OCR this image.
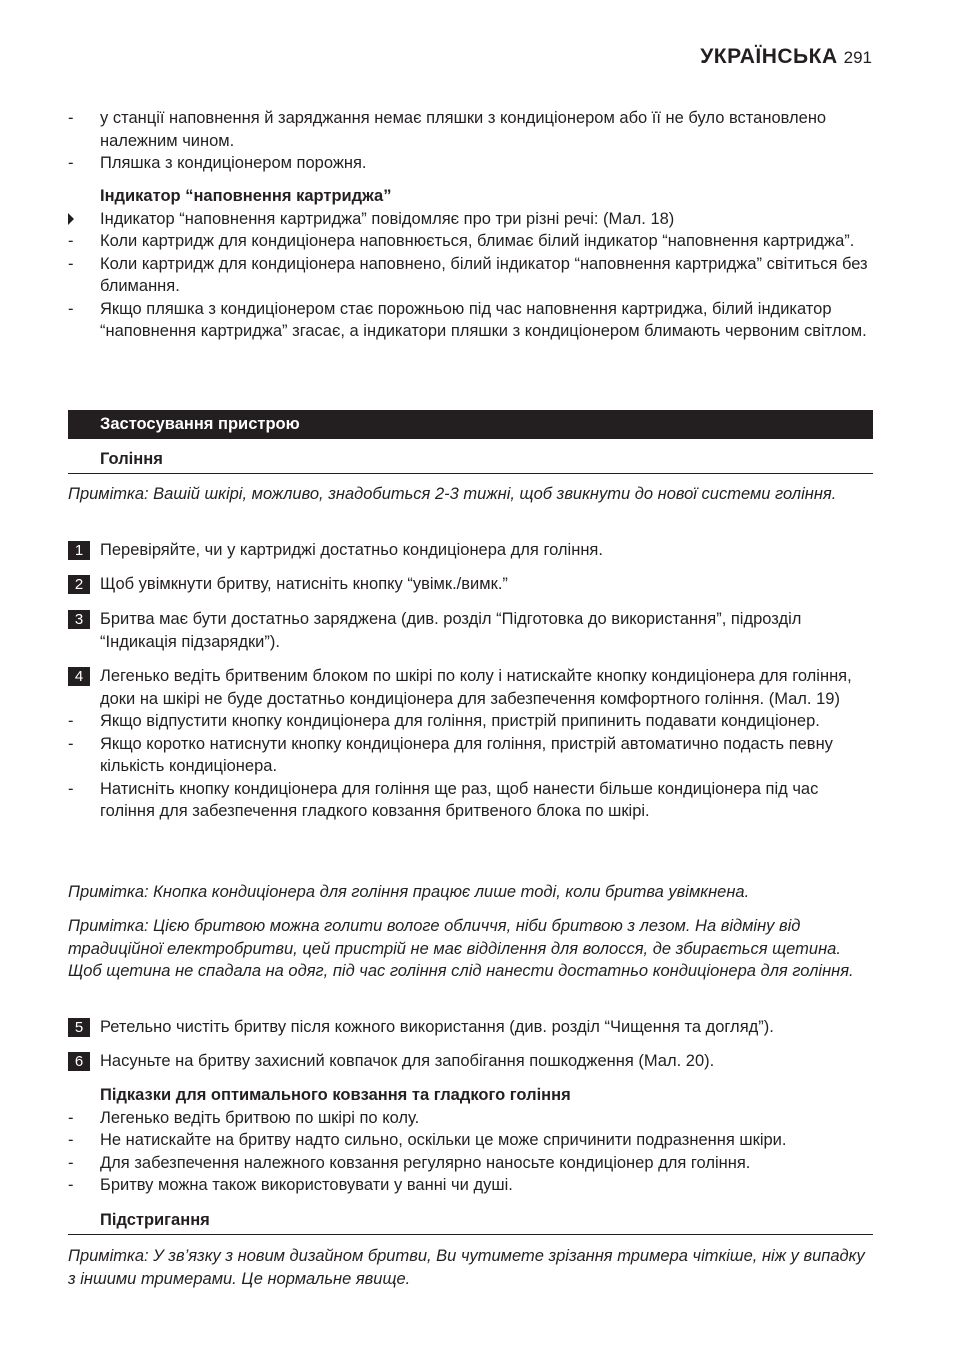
УКРАЇНСЬКА 291
-	у станції наповнення й заряджання немає пляшки з кондиціонером або її не було встановлено належним чином.
-	Пляшка з кондиціонером порожня.
Індикатор “наповнення картриджа”
Індикатор “наповнення картриджа” повідомляє про три різні речі: (Мал. 18)
-	Коли картридж для кондиціонера наповнюється, блимає білий індикатор “наповнення картриджа”.
-	Коли картридж для кондиціонера наповнено, білий індикатор “наповнення картриджа” світиться без блимання.
-	Якщо пляшка з кондиціонером стає порожньою під час наповнення картриджа, білий індикатор “наповнення картриджа” згасає, а індикатори пляшки з кондиціонером блимають червоним світлом.
Застосування пристрою
Гоління
Примітка: Вашій шкірі, можливо, знадобиться 2-3 тижні, щоб звикнути до нової системи гоління.
1	Перевіряйте, чи у картриджі достатньо кондиціонера для гоління.
2	Щоб увімкнути бритву, натисніть кнопку “увімк./вимк.”
3	Бритва має бути достатньо заряджена (див. розділ “Підготовка до використання”, підрозділ “Індикація підзарядки”).
4	Легенько ведіть бритвеним блоком по шкірі по колу і натискайте кнопку кондиціонера для гоління, доки на шкірі не буде достатньо кондиціонера для забезпечення комфортного гоління. (Мал. 19)
-	Якщо відпустити кнопку кондиціонера для гоління, пристрій припинить подавати кондиціонер.
-	Якщо коротко натиснути кнопку кондиціонера для гоління, пристрій автоматично подасть певну кількість кондиціонера.
-	Натисніть кнопку кондиціонера для гоління ще раз, щоб нанести більше кондиціонера під час гоління для забезпечення гладкого ковзання бритвеного блока по шкірі.
Примітка: Кнопка кондиціонера для гоління працює лише тоді, коли бритва увімкнена.
Примітка: Цією бритвою можна голити вологе обличчя, ніби бритвою з лезом. На відміну від традиційної електробритви, цей пристрій не має відділення для волосся, де збирається щетина. Щоб щетина не спадала на одяг, під час гоління слід нанести достатньо кондиціонера для гоління.
5	Ретельно чистіть бритву після кожного використання (див. розділ “Чищення та догляд”).
6	Насуньте на бритву захисний ковпачок для запобігання пошкодження (Мал. 20).
Підказки для оптимального ковзання та гладкого гоління
-	Легенько ведіть бритвою по шкірі по колу.
-	Не натискайте на бритву надто сильно, оскільки це може спричинити подразнення шкіри.
-	Для забезпечення належного ковзання регулярно наносьте кондиціонер для гоління.
-	Бритву можна також використовувати у ванні чи душі.
Підстригання
Примітка: У зв’язку з новим дизайном бритви, Ви чутимете зрізання тримера чіткіше, ніж у випадку з іншими тримерами. Це нормальне явище.
